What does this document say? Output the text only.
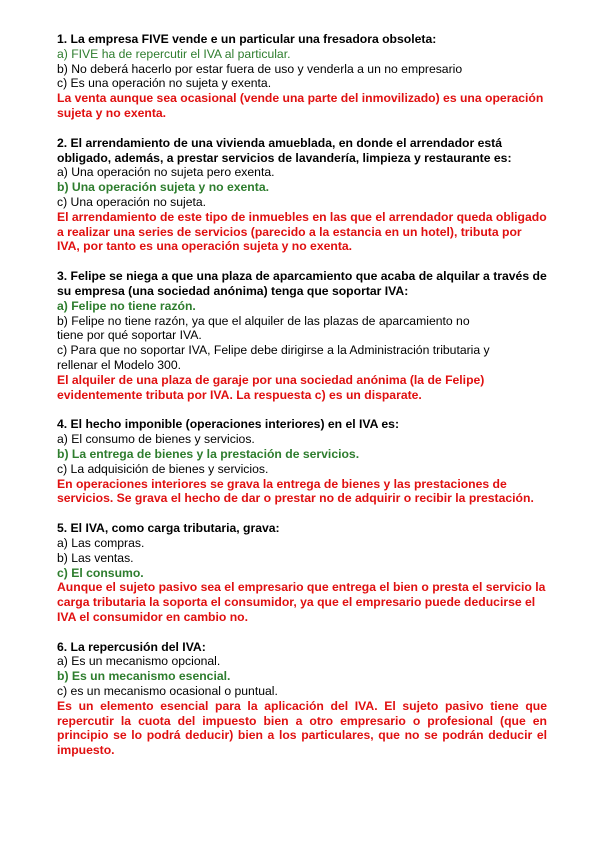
1. La empresa FIVE vende e un particular una fresadora obsoleta:
a) FIVE ha de repercutir el IVA al particular.
b) No deberá hacerlo por estar fuera de uso y venderla a un no empresario
c) Es una operación no sujeta y exenta.
La venta aunque sea ocasional (vende una parte del inmovilizado) es una operación sujeta y no exenta.
2. El arrendamiento de una vivienda amueblada, en donde el arrendador está obligado, además, a prestar servicios de lavandería, limpieza y restaurante es:
a) Una operación no sujeta pero exenta.
b) Una operación sujeta y no exenta.
c) Una operación no sujeta.
El arrendamiento de este tipo de inmuebles en las que el arrendador queda obligado a realizar una series de servicios (parecido a la estancia en un hotel), tributa por IVA, por tanto es una operación sujeta y no exenta.
3. Felipe se niega a que una plaza de aparcamiento que acaba de alquilar a través de su empresa (una sociedad anónima) tenga que soportar IVA:
a) Felipe no tiene razón.
b) Felipe no tiene razón, ya que el alquiler de las plazas de aparcamiento no tiene por qué soportar IVA.
c) Para que no soportar IVA, Felipe debe dirigirse a la Administración tributaria y rellenar el Modelo 300.
El alquiler de una plaza de garaje por una sociedad anónima (la de Felipe) evidentemente tributa por IVA. La respuesta c) es un disparate.
4. El hecho imponible (operaciones interiores) en el IVA es:
a) El consumo de bienes y servicios.
b) La entrega de bienes y la prestación de servicios.
c) La adquisición de bienes y servicios.
En operaciones interiores se grava la entrega de bienes y las prestaciones de servicios. Se grava el hecho de dar o prestar no de adquirir o recibir la prestación.
5. El IVA, como carga tributaria, grava:
a) Las compras.
b) Las ventas.
c) El consumo.
Aunque el sujeto pasivo sea el empresario que entrega el bien o presta el servicio la carga tributaria la soporta el consumidor, ya que el empresario puede deducirse el IVA el consumidor en cambio no.
6. La repercusión del IVA:
a) Es un mecanismo opcional.
b) Es un mecanismo esencial.
c) es un mecanismo ocasional o puntual.
Es un elemento esencial para la aplicación del IVA. El sujeto pasivo tiene que repercutir la cuota del impuesto bien a otro empresario o profesional (que en principio se lo podrá deducir) bien a los particulares, que no se podrán deducir el impuesto.
